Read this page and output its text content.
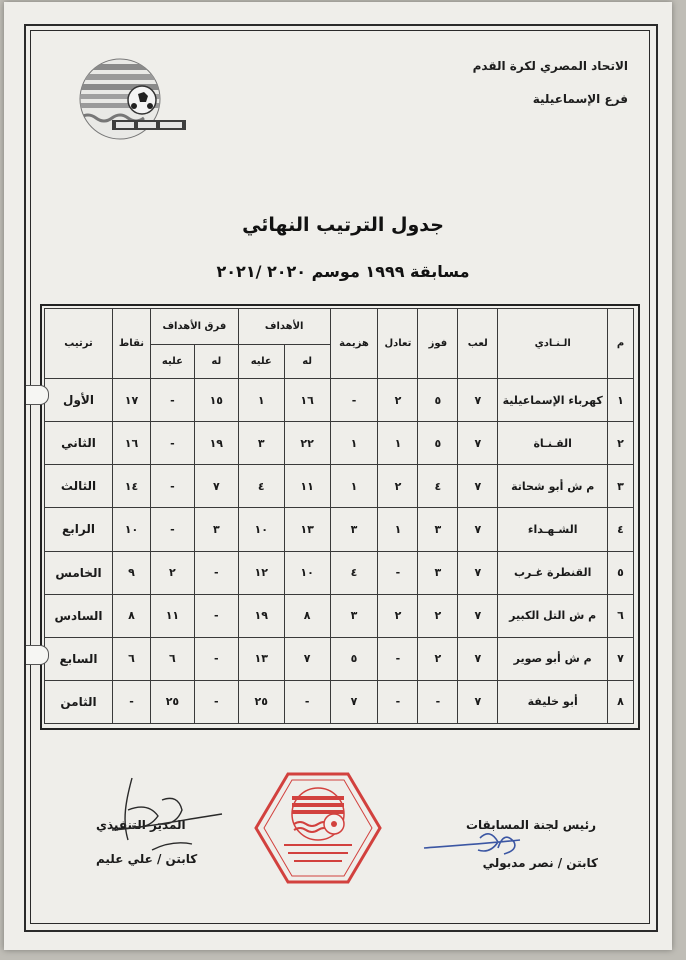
الاتحاد المصري لكرة القدم
فرع الإسماعيلية
جدول الترتيب النهائي
مسابقة ١٩٩٩ موسم ٢٠٢٠ /٢٠٢١
م	الـنـادي	لعب	فوز	تعادل	هزيمة	الأهداف		فرق الأهداف		نقاط	ترتيب
						له	عليه	له	عليه		
١	كهرباء الإسماعيلية	٧	٥	٢	-	١٦	١	١٥	-	١٧	الأول
٢	القـنـاة	٧	٥	١	١	٢٢	٣	١٩	-	١٦	الثاني
٣	م ش أبو شحاتة	٧	٤	٢	١	١١	٤	٧	-	١٤	الثالث
٤	الشـهـداء	٧	٣	١	٣	١٣	١٠	٣	-	١٠	الرابع
٥	القنطرة غـرب	٧	٣	-	٤	١٠	١٢	-	٢	٩	الخامس
٦	م ش التل الكبير	٧	٢	٢	٣	٨	١٩	-	١١	٨	السادس
٧	م ش أبو صوير	٧	٢	-	٥	٧	١٣	-	٦	٦	السابع
٨	أبو خليفة	٧	-	-	٧	-	٢٥	-	٢٥	-	الثامن
رئيس لجنة المسابقات
كابتن / نصر مدبولي
المدير التنفيذي
كابتن / علي عليم
